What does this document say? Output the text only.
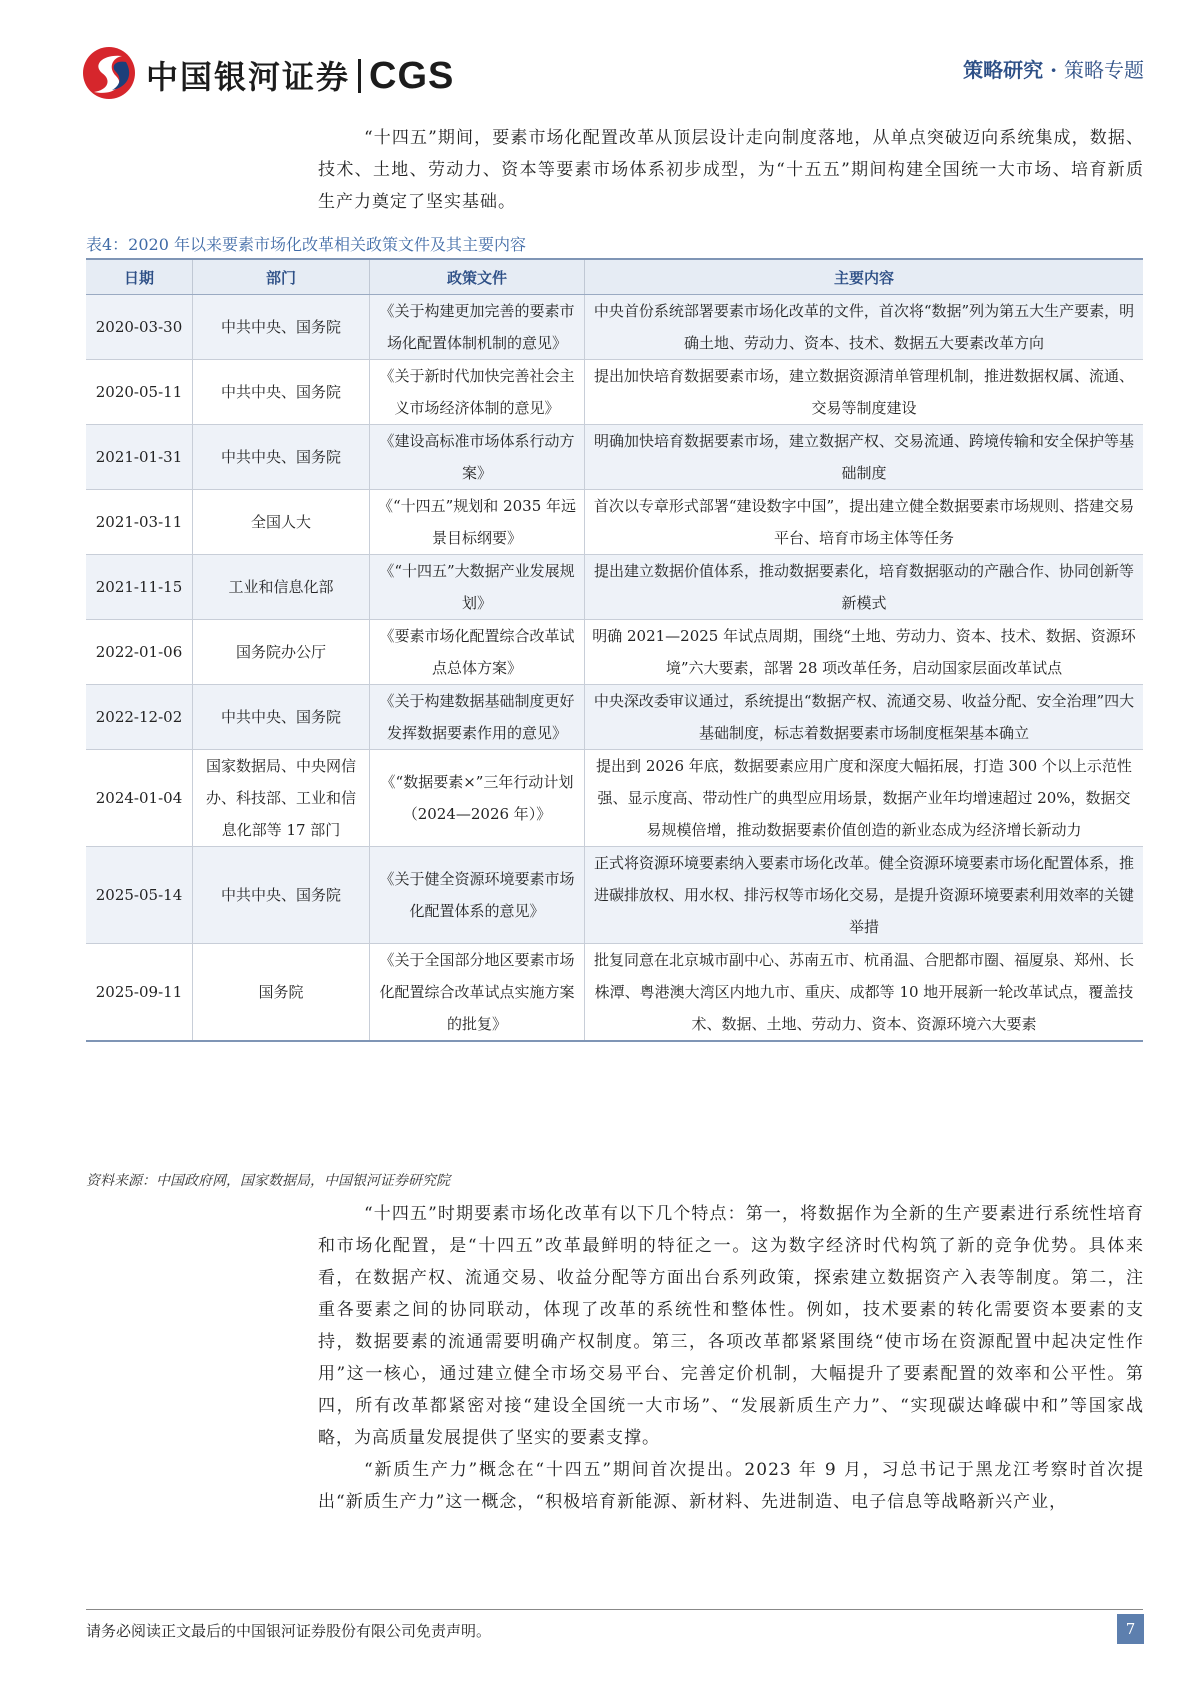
中国银河证券 CGS	策略研究 · 策略专题
“十四五”期间，要素市场化配置改革从顶层设计走向制度落地，从单点突破迈向系统集成，数据、技术、土地、劳动力、资本等要素市场体系初步成型，为“十五五”期间构建全国统一大市场、培育新质生产力奠定了坚实基础。
表4：2020 年以来要素市场化改革相关政策文件及其主要内容
日期	部门	政策文件	主要内容
2020-03-30	中共中央、国务院	《关于构建更加完善的要素市场化配置体制机制的意见》	中央首份系统部署要素市场化改革的文件，首次将“数据”列为第五大生产要素，明确土地、劳动力、资本、技术、数据五大要素改革方向
2020-05-11	中共中央、国务院	《关于新时代加快完善社会主义市场经济体制的意见》	提出加快培育数据要素市场，建立数据资源清单管理机制，推进数据权属、流通、交易等制度建设
2021-01-31	中共中央、国务院	《建设高标准市场体系行动方案》	明确加快培育数据要素市场，建立数据产权、交易流通、跨境传输和安全保护等基础制度
2021-03-11	全国人大	《“十四五”规划和 2035 年远景目标纲要》	首次以专章形式部署“建设数字中国”，提出建立健全数据要素市场规则、搭建交易平台、培育市场主体等任务
2021-11-15	工业和信息化部	《“十四五”大数据产业发展规划》	提出建立数据价值体系，推动数据要素化，培育数据驱动的产融合作、协同创新等新模式
2022-01-06	国务院办公厅	《要素市场化配置综合改革试点总体方案》	明确 2021—2025 年试点周期，围绕“土地、劳动力、资本、技术、数据、资源环境”六大要素，部署 28 项改革任务，启动国家层面改革试点
2022-12-02	中共中央、国务院	《关于构建数据基础制度更好发挥数据要素作用的意见》	中央深改委审议通过，系统提出“数据产权、流通交易、收益分配、安全治理”四大基础制度，标志着数据要素市场制度框架基本确立
2024-01-04	国家数据局、中央网信办、科技部、工业和信息化部等 17 部门	《“数据要素×”三年行动计划（2024—2026 年）》	提出到 2026 年底，数据要素应用广度和深度大幅拓展，打造 300 个以上示范性强、显示度高、带动性广的典型应用场景，数据产业年均增速超过 20%，数据交易规模倍增，推动数据要素价值创造的新业态成为经济增长新动力
2025-05-14	中共中央、国务院	《关于健全资源环境要素市场化配置体系的意见》	正式将资源环境要素纳入要素市场化改革。健全资源环境要素市场化配置体系，推进碳排放权、用水权、排污权等市场化交易，是提升资源环境要素利用效率的关键举措
2025-09-11	国务院	《关于全国部分地区要素市场化配置综合改革试点实施方案的批复》	批复同意在北京城市副中心、苏南五市、杭甬温、合肥都市圈、福厦泉、郑州、长株潭、粤港澳大湾区内地九市、重庆、成都等 10 地开展新一轮改革试点，覆盖技术、数据、土地、劳动力、资本、资源环境六大要素
资料来源：中国政府网，国家数据局，中国银河证券研究院
“十四五”时期要素市场化改革有以下几个特点：第一，将数据作为全新的生产要素进行系统性培育和市场化配置，是“十四五”改革最鲜明的特征之一。这为数字经济时代构筑了新的竞争优势。具体来看，在数据产权、流通交易、收益分配等方面出台系列政策，探索建立数据资产入表等制度。第二，注重各要素之间的协同联动，体现了改革的系统性和整体性。例如，技术要素的转化需要资本要素的支持，数据要素的流通需要明确产权制度。第三，各项改革都紧紧围绕“使市场在资源配置中起决定性作用”这一核心，通过建立健全市场交易平台、完善定价机制，大幅提升了要素配置的效率和公平性。第四，所有改革都紧密对接“建设全国统一大市场”、“发展新质生产力”、“实现碳达峰碳中和”等国家战略，为高质量发展提供了坚实的要素支撑。
“新质生产力”概念在“十四五”期间首次提出。2023 年 9 月，习总书记于黑龙江考察时首次提出“新质生产力”这一概念，“积极培育新能源、新材料、先进制造、电子信息等战略新兴产业，
请务必阅读正文最后的中国银河证券股份有限公司免责声明。	7
